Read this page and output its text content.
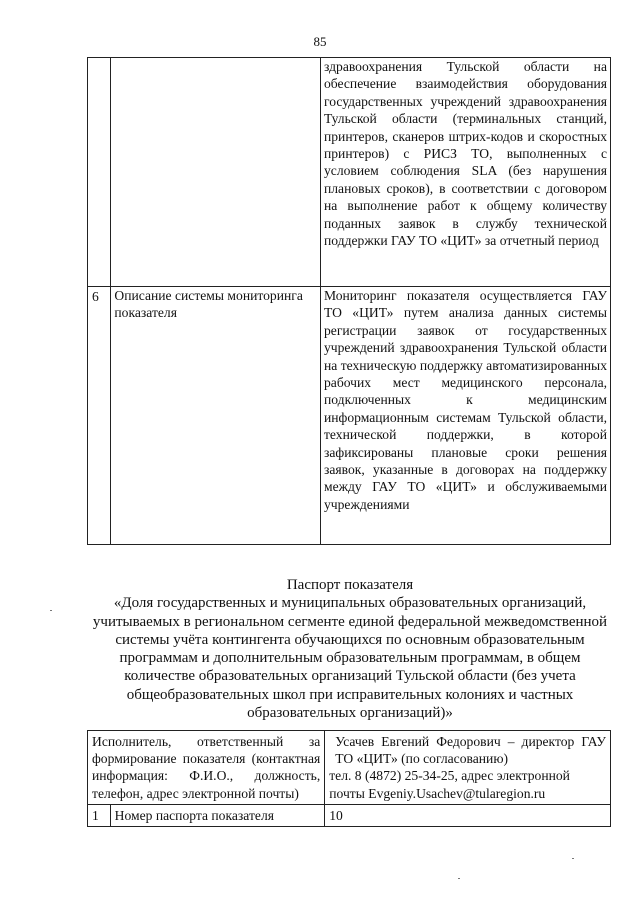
85
		здравоохранения Тульской области на обеспечение взаимодействия оборудования государственных учреждений здравоохранения Тульской области (терминальных станций, принтеров, сканеров штрих-кодов и скоростных принтеров) с РИСЗ ТО, выполненных с условием соблюдения SLA (без нарушения плановых сроков), в соответствии с договором на выполнение работ к общему количеству поданных заявок в службу технической поддержки ГАУ ТО «ЦИТ» за отчетный период
6	Описание системы мониторинга показателя	Мониторинг показателя осуществляется ГАУ ТО «ЦИТ» путем анализа данных системы регистрации заявок от государственных учреждений здравоохранения Тульской области на техническую поддержку автоматизированных рабочих мест медицинского персонала, подключенных к медицинским информационным системам Тульской области, технической поддержки, в которой зафиксированы плановые сроки решения заявок, указанные в договорах на поддержку между ГАУ ТО «ЦИТ» и обслуживаемыми учреждениями
Паспорт показателя
«Доля государственных и муниципальных образовательных организаций, учитываемых в региональном сегменте единой федеральной межведомственной системы учёта контингента обучающихся по основным образовательным программам и дополнительным образовательным программам, в общем количестве образовательных организаций Тульской области (без учета общеобразовательных школ при исправительных колониях и частных образовательных организаций)»
Исполнитель, ответственный за формирование показателя (контактная информация: Ф.И.О., должность, телефон, адрес электронной почты)		Усачев Евгений Федорович – директор ГАУ ТО «ЦИТ» (по согласованию)
тел. 8 (4872) 25-34-25, адрес электронной почты Evgeniy.Usachev@tularegion.ru

1	Номер паспорта показателя	10
